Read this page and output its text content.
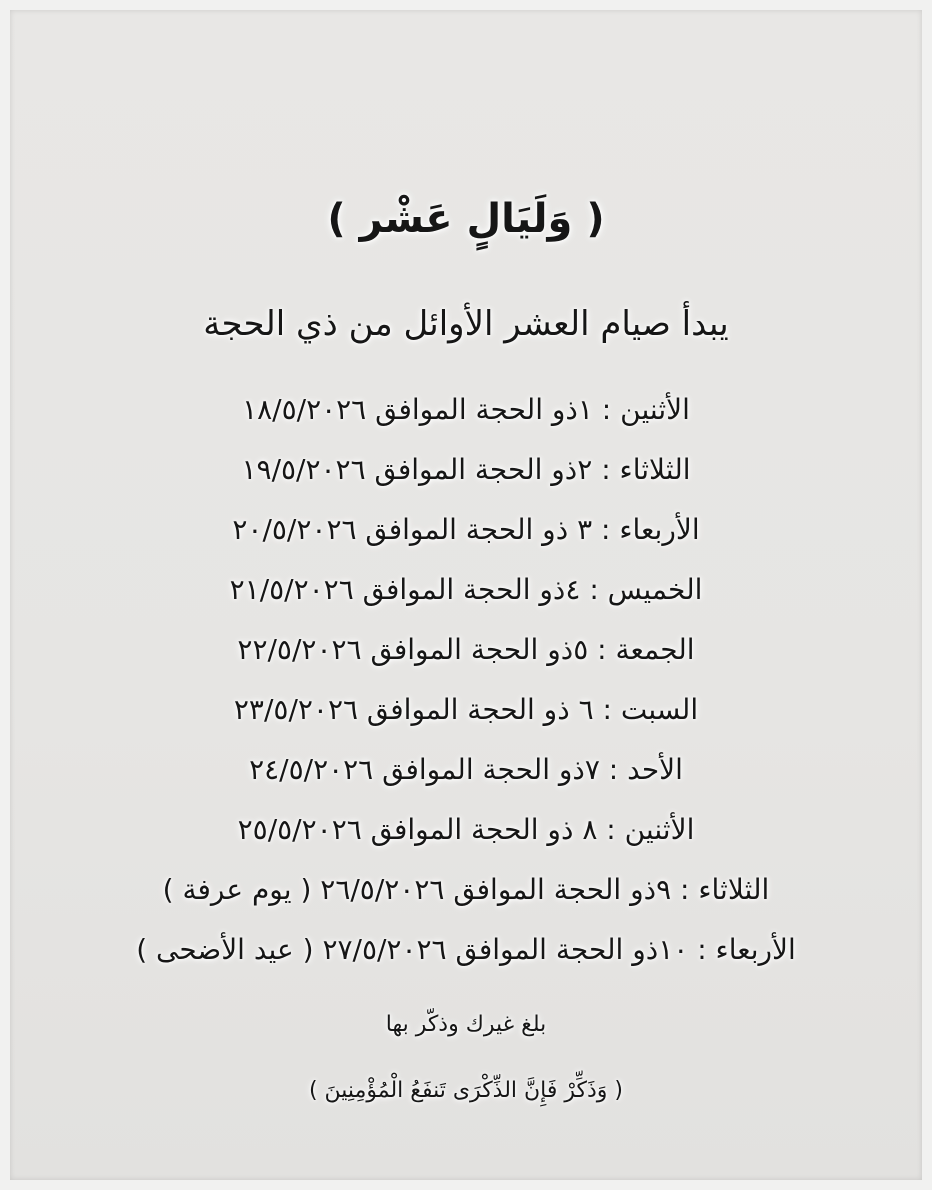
( وَلَيَالٍ عَشْر )
يبدأ صيام العشر الأوائل من ذي الحجة
الأثنين : ١ذو الحجة الموافق ١٨/٥/٢٠٢٦
الثلاثاء : ٢ذو الحجة الموافق ١٩/٥/٢٠٢٦
الأربعاء : ٣ ذو الحجة الموافق ٢٠/٥/٢٠٢٦
الخميس : ٤ذو الحجة الموافق ٢١/٥/٢٠٢٦
الجمعة : ٥ذو الحجة الموافق ٢٢/٥/٢٠٢٦
السبت : ٦ ذو الحجة الموافق ٢٣/٥/٢٠٢٦
الأحد : ٧ذو الحجة الموافق ٢٤/٥/٢٠٢٦
الأثنين : ٨ ذو الحجة الموافق ٢٥/٥/٢٠٢٦
الثلاثاء : ٩ذو الحجة الموافق ٢٦/٥/٢٠٢٦ ( يوم عرفة )
الأربعاء : ١٠ذو الحجة الموافق ٢٧/٥/٢٠٢٦ ( عيد الأضحى )
بلغ غيرك وذكّر بها
( وَذَكِّرْ فَإِنَّ الذِّكْرَى تَنفَعُ الْمُؤْمِنِينَ )
